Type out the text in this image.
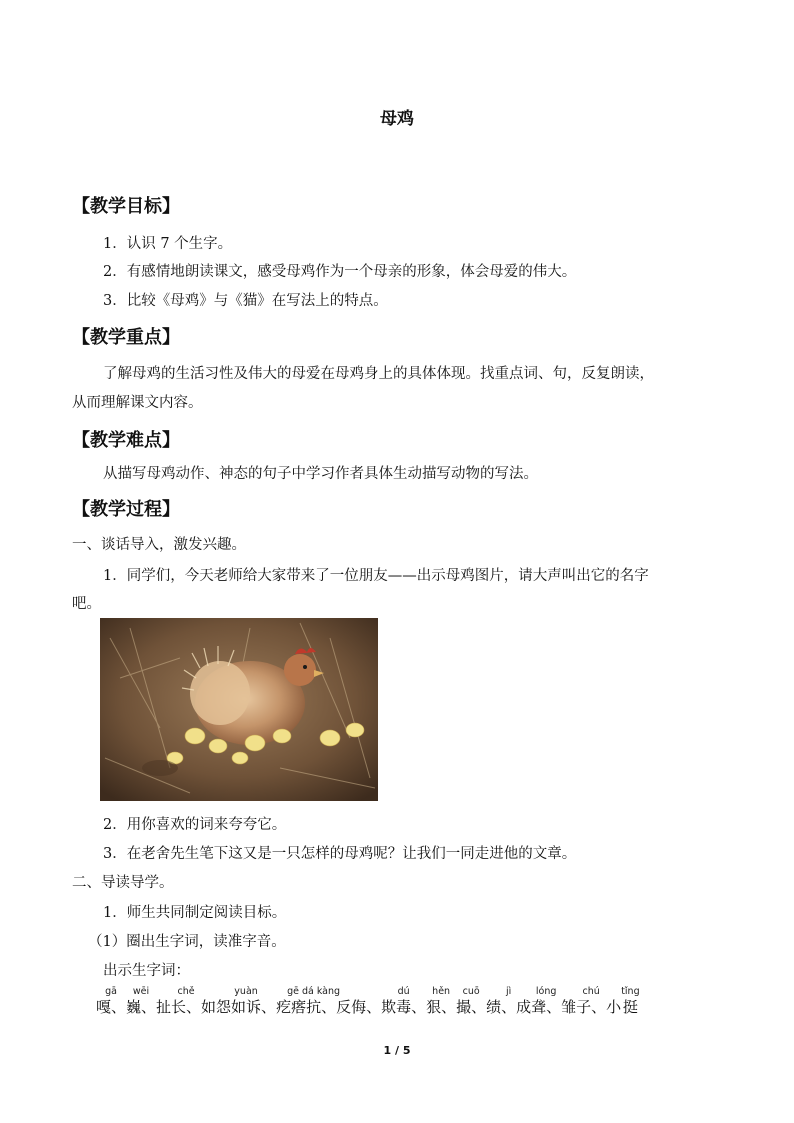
母鸡
【教学目标】
1．认识 7 个生字。
2．有感情地朗读课文，感受母鸡作为一个母亲的形象，体会母爱的伟大。
3．比较《母鸡》与《猫》在写法上的特点。
【教学重点】
了解母鸡的生活习性及伟大的母爱在母鸡身上的具体体现。找重点词、句，反复朗读，
从而理解课文内容。
【教学难点】
从描写母鸡动作、神态的句子中学习作者具体生动描写动物的写法。
【教学过程】
一、谈话导入，激发兴趣。
1．同学们，今天老师给大家带来了一位朋友——出示母鸡图片，请大声叫出它的名字
吧。
2．用你喜欢的词来夸夸它。
3．在老舍先生笔下这又是一只怎样的母鸡呢？让我们一同走进他的文章。
二、导读导学。
1．师生共同制定阅读目标。
（1）圈出生字词，读准字音。
出示生字词：
gā
嘎、
wēi
巍、
chě
扯长、如
yuàn
怨如诉、
gē dá kàng
疙瘩抗、反 侮、
dú
欺毒、
hěn
狠、
cuō
撮、
jì
绩、成
lóng
聋、
chú
雏子、小
tǐng
挺
1 / 5
